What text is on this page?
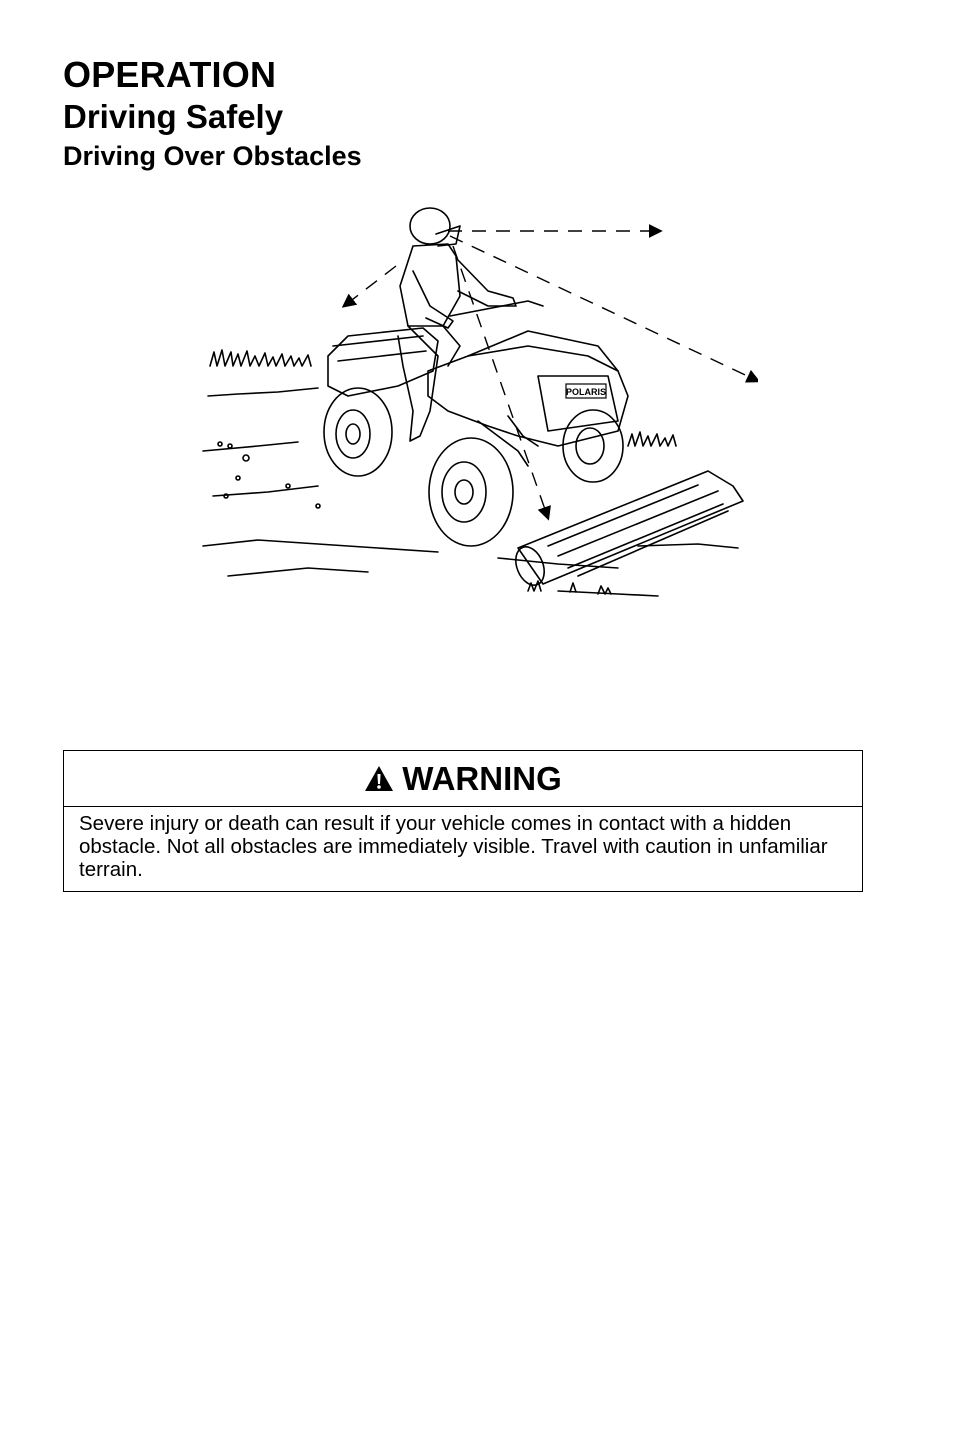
OPERATION
Driving Safely
Driving Over Obstacles
POLARIS
WARNING
Severe injury or death can result if your vehicle comes in contact with a hidden obstacle. Not all obstacles are immediately visible. Travel with caution in unfamiliar terrain.
